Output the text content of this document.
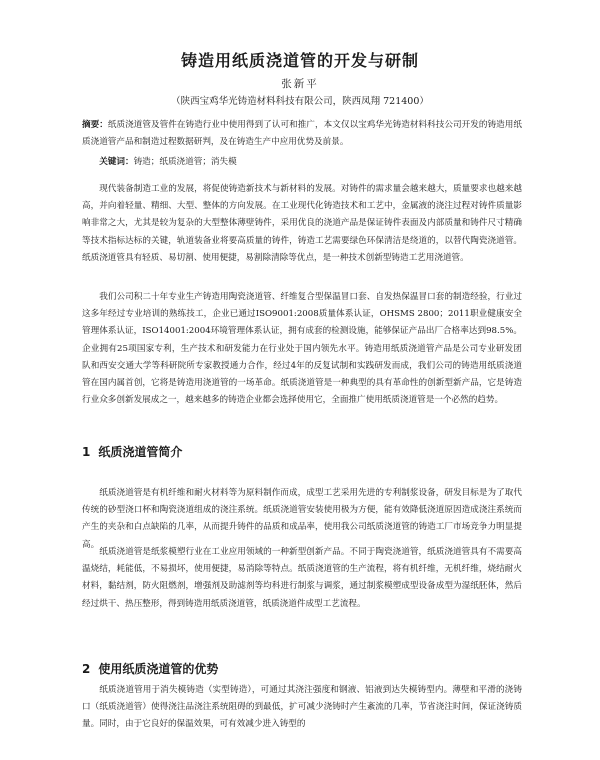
铸造用纸质浇道管的开发与研制
张新平
（陕西宝鸡华光铸造材料科技有限公司，陕西凤翔 721400）

摘要：纸质浇道管及管件在铸造行业中使用得到了认可和推广，本文仅以宝鸡华光铸造材料科技公司开发的铸造用纸质浇道管产品和制造过程数据研判，及在铸造生产中应用优势及前景。

关键词：铸造；纸质浇道管；消失模

现代装备制造工业的发展，将促使铸造新技术与新材料的发展。对铸件的需求量会越来越大，质量要求也越来越高，并向着轻量、精细、大型、整体的方向发展。在工业现代化铸造技术和工艺中，金属液的浇注过程对铸件质量影响非常之大，尤其是较为复杂的大型整体薄壁铸件，采用优良的浇道产品是保证铸件表面及内部质量和铸件尺寸精确等技术指标达标的关键，轨道装备业将要高质量的铸件，铸造工艺需要绿色环保清洁是绕道的，以替代陶瓷浇道管。纸质浇道管具有轻质、易切割、使用便捷，易割除清除等优点，是一种技术创新型铸造工艺用浇道管。

我们公司积二十年专业生产铸造用陶瓷浇道管、纤维复合型保温冒口套、自发热保温冒口套的制造经验，行业过这多年经过专业培训的熟练技工，企业已通过ISO9001:2008质量体系认证，OHSMS 2800；2011职业健康安全管理体系认证，ISO14001:2004环境管理体系认证，拥有成套的检测设施，能够保证产品出厂合格率达到98.5%。企业拥有25项国家专利，生产技术和研发能力在行业处于国内领先水平。铸造用纸质浇道管产品是公司专业研发团队和西安交通大学等科研院所专家教授通力合作，经过4年的反复试制和实践研发而成，我们公司的铸造用纸质浇道管在国内属首创，它将是铸造用浇道管的一场革命。纸质浇道管是一种典型的具有革命性的创新型新产品，它是铸造行业众多创新发展成之一，越来越多的铸造企业都会选择使用它，全面推广使用纸质浇道管是一个必然的趋势。

1 纸质浇道管简介

纸质浇道管是有机纤维和耐火材料等为原料制作而成，成型工艺采用先进的专利制浆设备，研发目标是为了取代传统的砂型浇口杯和陶瓷浇道组成的浇注系统。纸质浇道管安装使用极为方便，能有效降低浇道原因造成浇注系统而产生的夹杂和白点缺陷的几率，从而提升铸件的品质和成品率，使用我公司纸质浇道管的铸造工厂市场竞争力明显提高。

纸质浇道管是纸浆模塑行业在工业应用领域的一种新型创新产品。不同于陶瓷浇道管，纸质浇道管具有不需要高温烧结，耗能低，不易损坏，使用便捷，易消除等特点。纸质浇道管的生产流程，将有机纤维，无机纤维，烧结耐火材料，黏结剂，防火阻燃剂，增强剂及助滤剂等均科进行制浆与调浆，通过制浆模塑成型设备成型为湿纸胚体，然后经过烘干、热压整形，得到铸造用纸质浇道管，纸质浇道件成型工艺流程。

2 使用纸质浇道管的优势

纸质浇道管用于消失模铸造（实型铸造），可通过其浇注强度和钢液、铝液到达失模铸型内。薄壁和平滑的浇铸口（纸质浇道管）使得浇注品浇注系统阻碍的到最低，扩可减少浇铸时产生紊流的几率，节省浇注时间，保证浇铸质量。同时，由于它良好的保温效果，可有效减少进入铸型的
